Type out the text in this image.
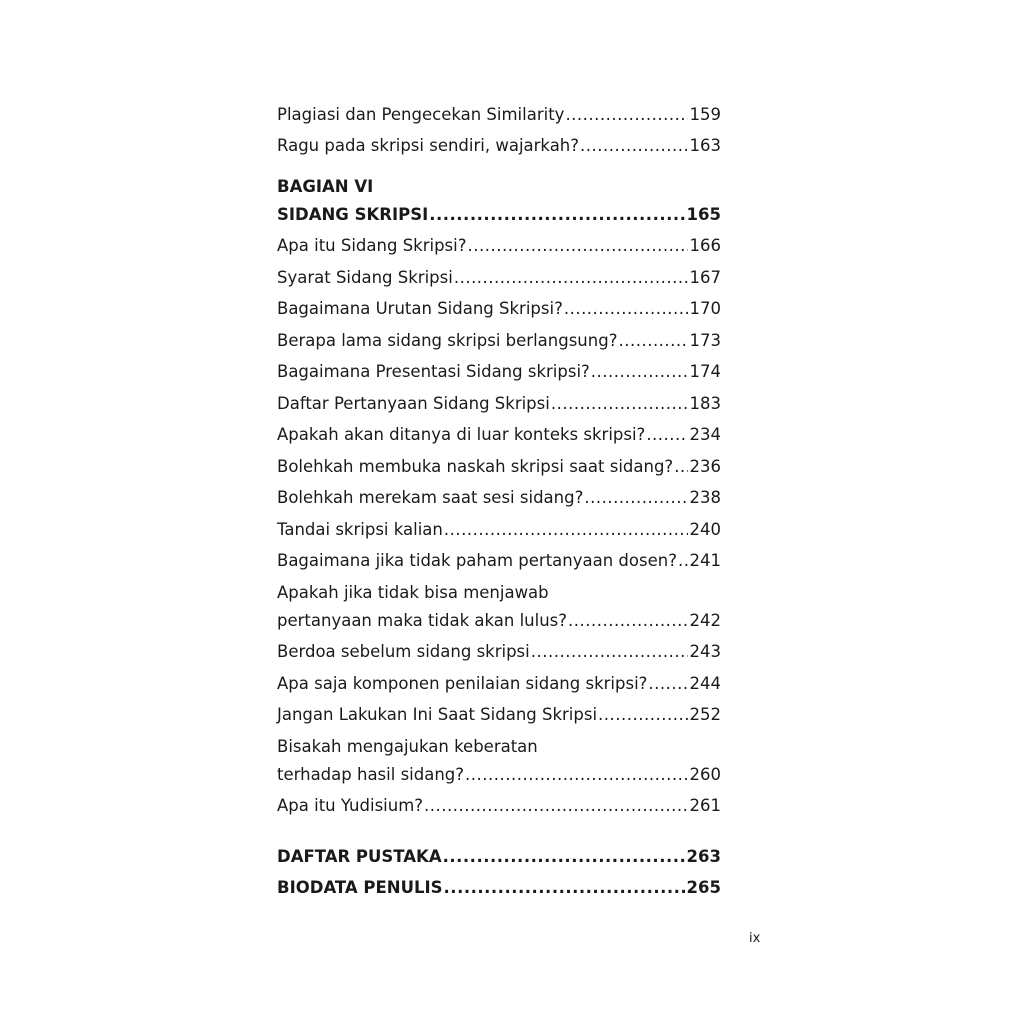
Plagiasi dan Pengecekan Similarity .....	159
Ragu pada skripsi sendiri, wajarkah? .....	163
BAGIAN VI
SIDANG SKRIPSI .....	165
Apa itu Sidang Skripsi? .....	166
Syarat Sidang Skripsi .....	167
Bagaimana Urutan Sidang Skripsi? .....	170
Berapa lama sidang skripsi berlangsung? .....	173
Bagaimana Presentasi Sidang skripsi? .....	174
Daftar Pertanyaan Sidang Skripsi .....	183
Apakah akan ditanya di luar konteks skripsi? .....	234
Bolehkah membuka naskah skripsi saat sidang? ..... 236
Bolehkah merekam saat sesi sidang? .....	238
Tandai skripsi kalian .....	240
Bagaimana jika tidak paham pertanyaan dosen? ..... 241
Apakah jika tidak bisa menjawab
pertanyaan maka tidak akan lulus? .....	242
Berdoa sebelum sidang skripsi .....	243
Apa saja komponen penilaian sidang skripsi? .....	244
Jangan Lakukan Ini Saat Sidang Skripsi .....	252
Bisakah mengajukan keberatan
terhadap hasil sidang? .....	260
Apa itu Yudisium? .....	261
DAFTAR PUSTAKA .....	263
BIODATA PENULIS .....	265
ix
